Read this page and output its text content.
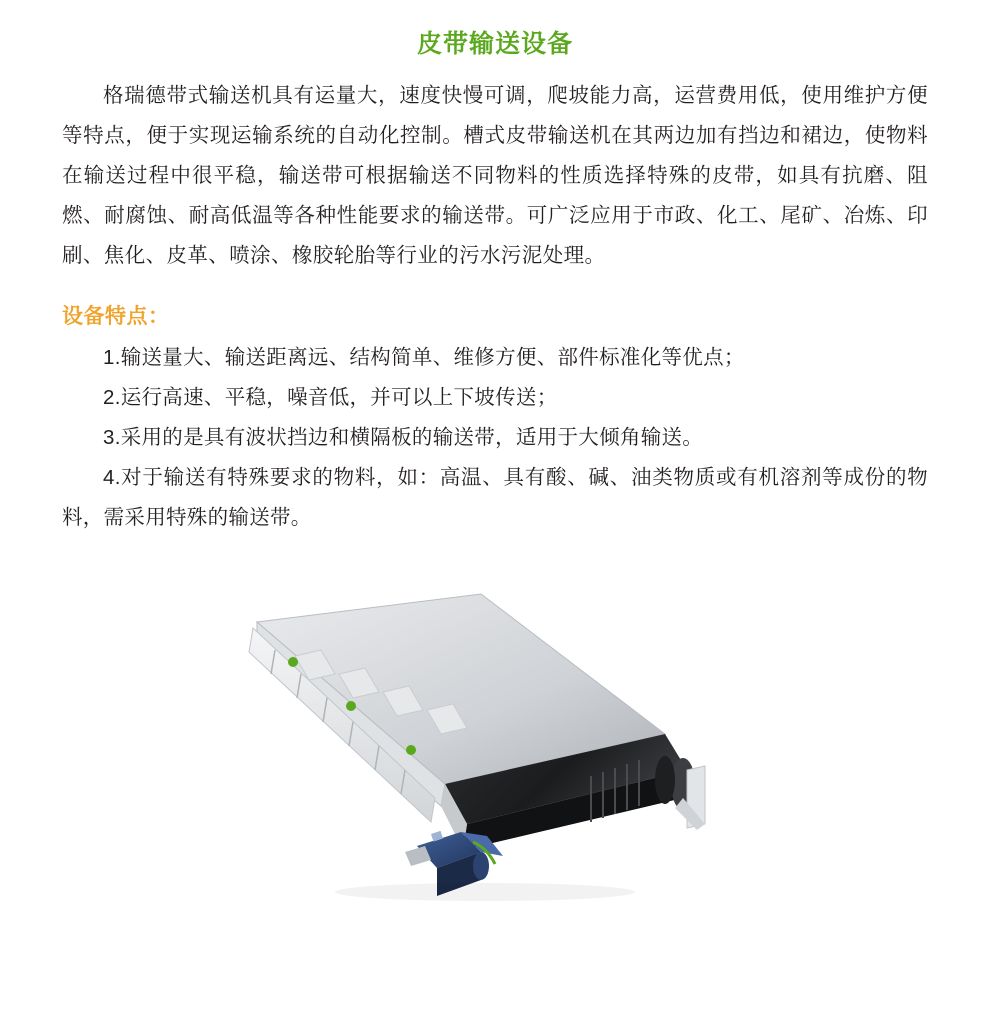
皮带输送设备

格瑞德带式输送机具有运量大，速度快慢可调，爬坡能力高，运营费用低，使用维护方便等特点，便于实现运输系统的自动化控制。槽式皮带输送机在其两边加有挡边和裙边，使物料在输送过程中很平稳，输送带可根据输送不同物料的性质选择特殊的皮带，如具有抗磨、阻燃、耐腐蚀、耐高低温等各种性能要求的输送带。可广泛应用于市政、化工、尾矿、冶炼、印刷、焦化、皮革、喷涂、橡胶轮胎等行业的污水污泥处理。

设备特点：
1.输送量大、输送距离远、结构简单、维修方便、部件标准化等优点；
2.运行高速、平稳，噪音低，并可以上下坡传送；
3.采用的是具有波状挡边和横隔板的输送带，适用于大倾角输送。
4.对于输送有特殊要求的物料，如：高温、具有酸、碱、油类物质或有机溶剂等成份的物料，需采用特殊的输送带。
